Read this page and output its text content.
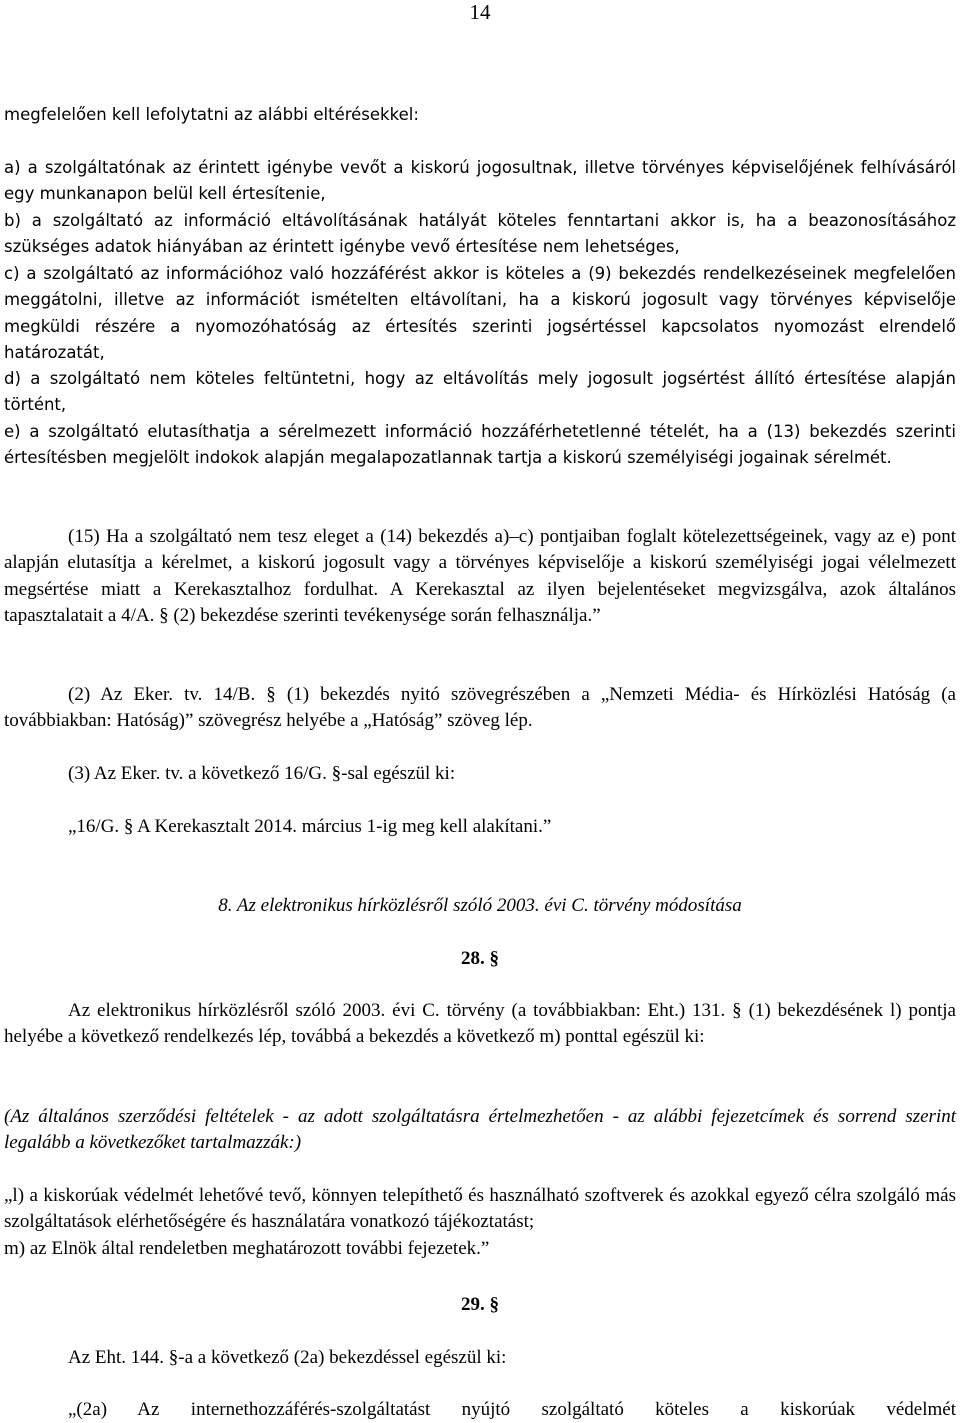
14

megfelelően kell lefolytatni az alábbi eltérésekkel:

a) a szolgáltatónak az érintett igénybe vevőt a kiskorú jogosultnak, illetve törvényes képviselőjének felhívásáról egy munkanapon belül kell értesítenie,

b) a szolgáltató az információ eltávolításának hatályát köteles fenntartani akkor is, ha a beazonosításához szükséges adatok hiányában az érintett igénybe vevő értesítése nem lehetséges,

c) a szolgáltató az információhoz való hozzáférést akkor is köteles a (9) bekezdés rendelkezéseinek megfelelően meggátolni, illetve az információt ismételten eltávolítani, ha a kiskorú jogosult vagy törvényes képviselője megküldi részére a nyomozóhatóság az értesítés szerinti jogsértéssel kapcsolatos nyomozást elrendelő határozatát,

d) a szolgáltató nem köteles feltüntetni, hogy az eltávolítás mely jogosult jogsértést állító értesítése alapján történt,

e) a szolgáltató elutasíthatja a sérelmezett információ hozzáférhetetlenné tételét, ha a (13) bekezdés szerinti értesítésben megjelölt indokok alapján megalapozatlannak tartja a kiskorú személyiségi jogainak sérelmét.

(15) Ha a szolgáltató nem tesz eleget a (14) bekezdés a)–c) pontjaiban foglalt kötelezettségeinek, vagy az e) pont alapján elutasítja a kérelmet, a kiskorú jogosult vagy a törvényes képviselője a kiskorú személyiségi jogai vélelmezett megsértése miatt a Kerekasztalhoz fordulhat. A Kerekasztal az ilyen bejelentéseket megvizsgálva, azok általános tapasztalatait a 4/A. § (2) bekezdése szerinti tevékenysége során felhasználja.”

(2) Az Eker. tv. 14/B. § (1) bekezdés nyitó szövegrészében a „Nemzeti Média- és Hírközlési Hatóság (a továbbiakban: Hatóság)” szövegrész helyébe a „Hatóság” szöveg lép.

(3) Az Eker. tv. a következő 16/G. §-sal egészül ki:

„16/G. § A Kerekasztalt 2014. március 1-ig meg kell alakítani.”

8. Az elektronikus hírközlésről szóló 2003. évi C. törvény módosítása

28. §

Az elektronikus hírközlésről szóló 2003. évi C. törvény (a továbbiakban: Eht.) 131. § (1) bekezdésének l) pontja helyébe a következő rendelkezés lép, továbbá a bekezdés a következő m) ponttal egészül ki:

(Az általános szerződési feltételek - az adott szolgáltatásra értelmezhetően - az alábbi fejezetcímek és sorrend szerint legalább a következőket tartalmazzák:)

„l) a kiskorúak védelmét lehetővé tevő, könnyen telepíthető és használható szoftverek és azokkal egyező célra szolgáló más szolgáltatások elérhetőségére és használatára vonatkozó tájékoztatást;

m) az Elnök által rendeletben meghatározott további fejezetek.”

29. §

Az Eht. 144. §-a a következő (2a) bekezdéssel egészül ki:

„(2a) Az internethozzáférés-szolgáltatást nyújtó szolgáltató köteles a kiskorúak védelmét
